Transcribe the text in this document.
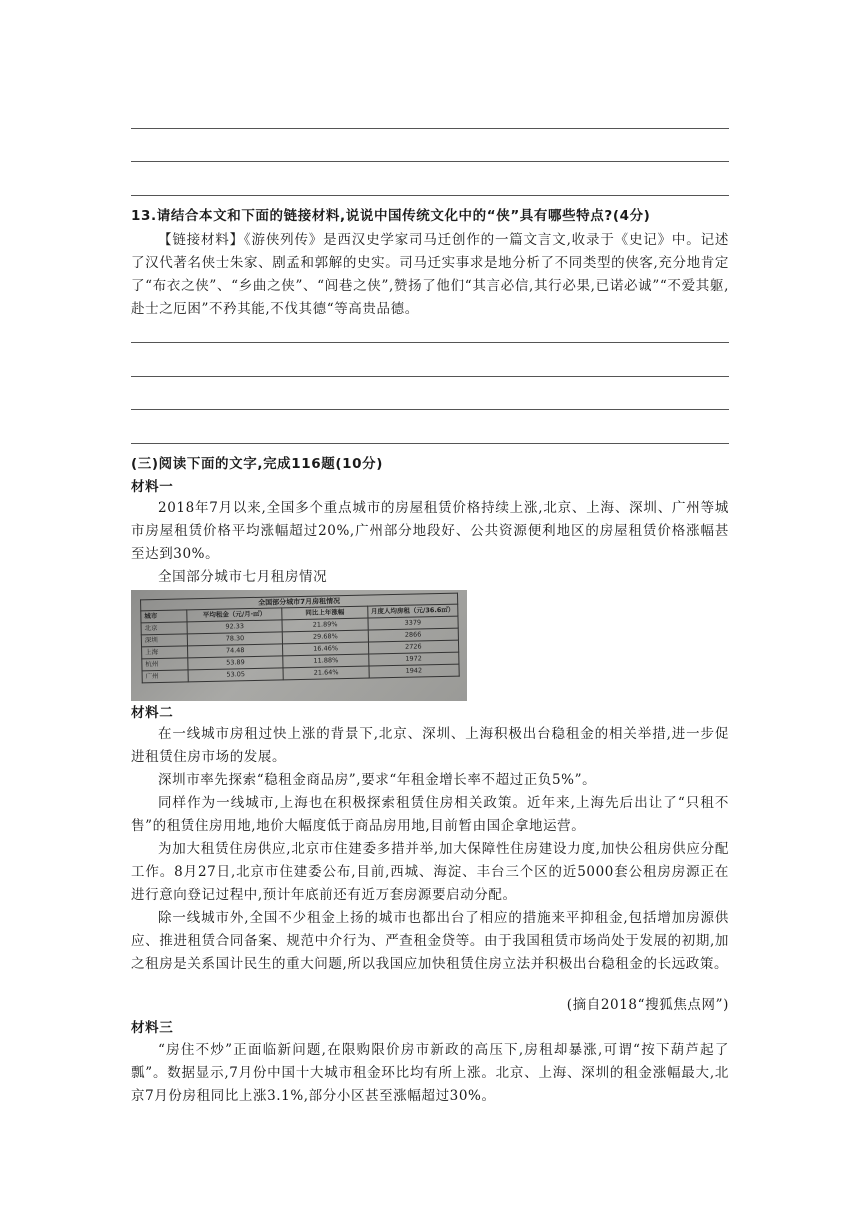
13.请结合本文和下面的链接材料,说说中国传统文化中的“侠”具有哪些特点?(4分)

【链接材料】《游侠列传》是西汉史学家司马迁创作的一篇文言文,收录于《史记》中。记述了汉代著名侠士朱家、剧孟和郭解的史实。司马迁实事求是地分析了不同类型的侠客,充分地肯定了“布衣之侠”、“乡曲之侠”、“闾巷之侠”,赞扬了他们“其言必信,其行必果,已诺必诚”“不爱其躯,赴士之厄困”不矜其能,不伐其德“等高贵品德。

(三)阅读下面的文字,完成116题(10分)

材料一

2018年7月以来,全国多个重点城市的房屋租赁价格持续上涨,北京、上海、深圳、广州等城市房屋租赁价格平均涨幅超过20%,广州部分地段好、公共资源便利地区的房屋租赁价格涨幅甚至达到30%。

全国部分城市七月租房情况

全国部分城市7月房租情况
城市	平均租金（元/月·㎡）	同比上年涨幅	月度人均房租（元/36.6㎡）
北京	92.33	21.89%	3379
深圳	78.30	29.68%	2866
上海	74.48	16.46%	2726
杭州	53.89	11.88%	1972
广州	53.05	21.64%	1942

材料二

在一线城市房租过快上涨的背景下,北京、深圳、上海积极出台稳租金的相关举措,进一步促进租赁住房市场的发展。

深圳市率先探索“稳租金商品房”,要求“年租金增长率不超过正负5%”。

同样作为一线城市,上海也在积极探索租赁住房相关政策。近年来,上海先后出让了“只租不售”的租赁住房用地,地价大幅度低于商品房用地,目前暂由国企拿地运营。

为加大租赁住房供应,北京市住建委多措并举,加大保障性住房建设力度,加快公租房供应分配工作。8月27日,北京市住建委公布,目前,西城、海淀、丰台三个区的近5000套公租房房源正在进行意向登记过程中,预计年底前还有近万套房源要启动分配。

除一线城市外,全国不少租金上扬的城市也都出台了相应的措施来平抑租金,包括增加房源供应、推进租赁合同备案、规范中介行为、严查租金贷等。由于我国租赁市场尚处于发展的初期,加之租房是关系国计民生的重大问题,所以我国应加快租赁住房立法并积极出台稳租金的长远政策。

(摘自2018“搜狐焦点网”)

材料三

“房住不炒”正面临新问题,在限购限价房市新政的高压下,房租却暴涨,可谓“按下葫芦起了瓢”。数据显示,7月份中国十大城市租金环比均有所上涨。北京、上海、深圳的租金涨幅最大,北京7月份房租同比上涨3.1%,部分小区甚至涨幅超过30%。
